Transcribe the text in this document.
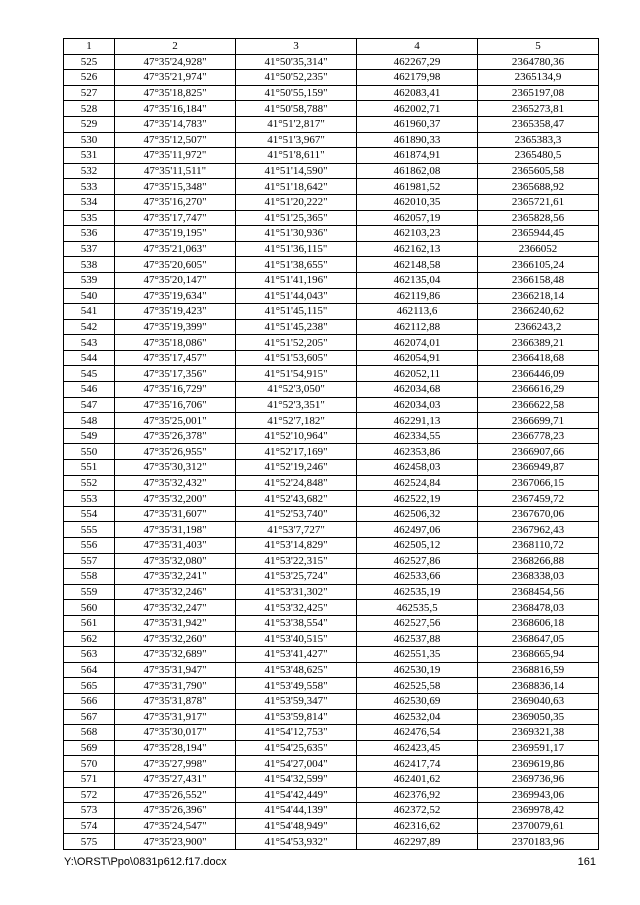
1	2	3	4	5
525	47°35'24,928"	41°50'35,314"	462267,29	2364780,36
526	47°35'21,974"	41°50'52,235"	462179,98	2365134,9
527	47°35'18,825"	41°50'55,159"	462083,41	2365197,08
528	47°35'16,184"	41°50'58,788"	462002,71	2365273,81
529	47°35'14,783"	41°51'2,817"	461960,37	2365358,47
530	47°35'12,507"	41°51'3,967"	461890,33	2365383,3
531	47°35'11,972"	41°51'8,611"	461874,91	2365480,5
532	47°35'11,511"	41°51'14,590"	461862,08	2365605,58
533	47°35'15,348"	41°51'18,642"	461981,52	2365688,92
534	47°35'16,270"	41°51'20,222"	462010,35	2365721,61
535	47°35'17,747"	41°51'25,365"	462057,19	2365828,56
536	47°35'19,195"	41°51'30,936"	462103,23	2365944,45
537	47°35'21,063"	41°51'36,115"	462162,13	2366052
538	47°35'20,605"	41°51'38,655"	462148,58	2366105,24
539	47°35'20,147"	41°51'41,196"	462135,04	2366158,48
540	47°35'19,634"	41°51'44,043"	462119,86	2366218,14
541	47°35'19,423"	41°51'45,115"	462113,6	2366240,62
542	47°35'19,399"	41°51'45,238"	462112,88	2366243,2
543	47°35'18,086"	41°51'52,205"	462074,01	2366389,21
544	47°35'17,457"	41°51'53,605"	462054,91	2366418,68
545	47°35'17,356"	41°51'54,915"	462052,11	2366446,09
546	47°35'16,729"	41°52'3,050"	462034,68	2366616,29
547	47°35'16,706"	41°52'3,351"	462034,03	2366622,58
548	47°35'25,001"	41°52'7,182"	462291,13	2366699,71
549	47°35'26,378"	41°52'10,964"	462334,55	2366778,23
550	47°35'26,955"	41°52'17,169"	462353,86	2366907,66
551	47°35'30,312"	41°52'19,246"	462458,03	2366949,87
552	47°35'32,432"	41°52'24,848"	462524,84	2367066,15
553	47°35'32,200"	41°52'43,682"	462522,19	2367459,72
554	47°35'31,607"	41°52'53,740"	462506,32	2367670,06
555	47°35'31,198"	41°53'7,727"	462497,06	2367962,43
556	47°35'31,403"	41°53'14,829"	462505,12	2368110,72
557	47°35'32,080"	41°53'22,315"	462527,86	2368266,88
558	47°35'32,241"	41°53'25,724"	462533,66	2368338,03
559	47°35'32,246"	41°53'31,302"	462535,19	2368454,56
560	47°35'32,247"	41°53'32,425"	462535,5	2368478,03
561	47°35'31,942"	41°53'38,554"	462527,56	2368606,18
562	47°35'32,260"	41°53'40,515"	462537,88	2368647,05
563	47°35'32,689"	41°53'41,427"	462551,35	2368665,94
564	47°35'31,947"	41°53'48,625"	462530,19	2368816,59
565	47°35'31,790"	41°53'49,558"	462525,58	2368836,14
566	47°35'31,878"	41°53'59,347"	462530,69	2369040,63
567	47°35'31,917"	41°53'59,814"	462532,04	2369050,35
568	47°35'30,017"	41°54'12,753"	462476,54	2369321,38
569	47°35'28,194"	41°54'25,635"	462423,45	2369591,17
570	47°35'27,998"	41°54'27,004"	462417,74	2369619,86
571	47°35'27,431"	41°54'32,599"	462401,62	2369736,96
572	47°35'26,552"	41°54'42,449"	462376,92	2369943,06
573	47°35'26,396"	41°54'44,139"	462372,52	2369978,42
574	47°35'24,547"	41°54'48,949"	462316,62	2370079,61
575	47°35'23,900"	41°54'53,932"	462297,89	2370183,96
Y:\ORST\Ppo\0831p612.f17.docx	161
